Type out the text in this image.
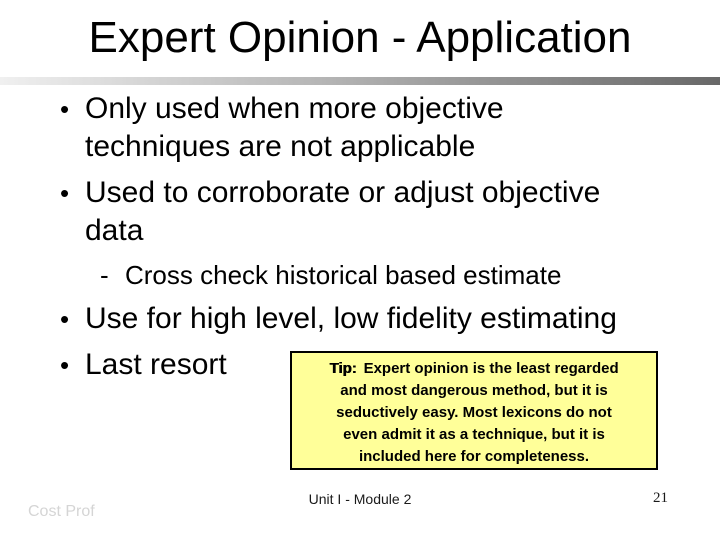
Expert Opinion - Application
• Only used when more objective
techniques are not applicable
• Used to corroborate or adjust objective
data
- Cross check historical based estimate
• Use for high level, low fidelity estimating
• Last resort	Tip: Expert opinion is the least regarded
and most dangerous method, but it is
seductively easy. Most lexicons do not
even admit it as a technique, but it is
included here for completeness.
Cost Prof
Unit I - Module 2	21
